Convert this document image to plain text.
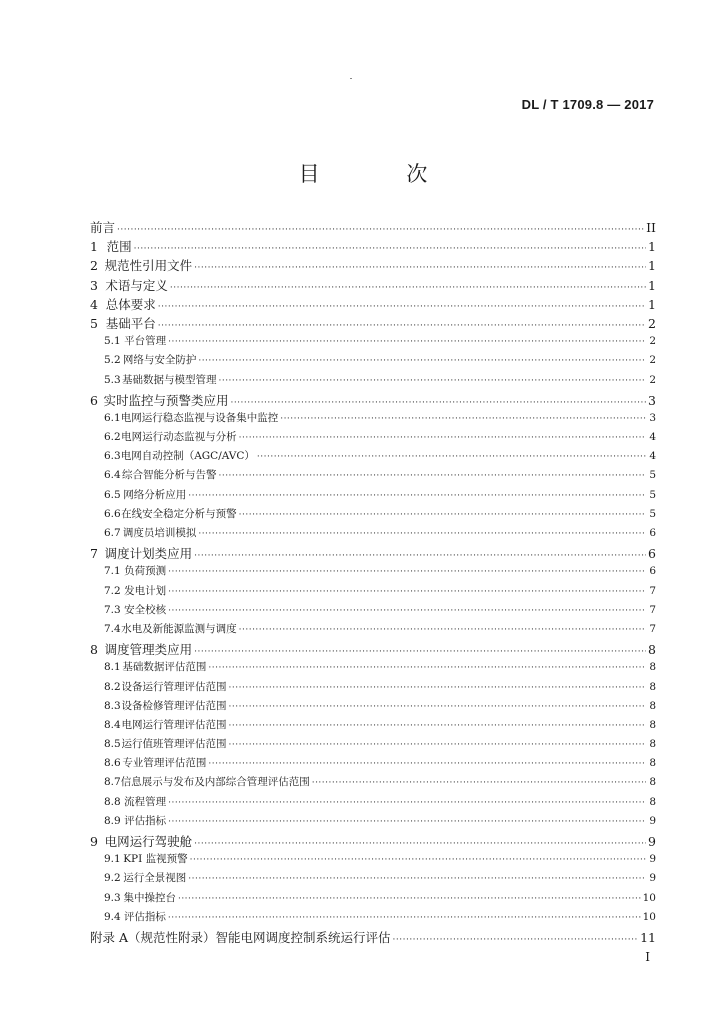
DL / T 1709.8 — 2017
目 次
前言 ·····	II
1 范围 ·····	1
2 规范性引用文件 ·····	1
3 术语与定义 ·····	1
4 总体要求 ·····	1
5 基础平台 ·····	2
5.1 平台管理 ·····	2
5.2 网络与安全防护 ·····	2
5.3 基础数据与模型管理 ·····	2
6 实时监控与预警类应用 ·····	3
6.1 电网运行稳态监视与设备集中监控 ·····	3
6.2 电网运行动态监视与分析 ·····	4
6.3 电网自动控制（AGC/AVC） ·····	4
6.4 综合智能分析与告警 ·····	5
6.5 网络分析应用 ·····	5
6.6 在线安全稳定分析与预警 ·····	5
6.7 调度员培训模拟 ·····	6
7 调度计划类应用 ·····	6
7.1 负荷预测 ·····	6
7.2 发电计划 ·····	7
7.3 安全校核 ·····	7
7.4 水电及新能源监测与调度 ·····	7
8 调度管理类应用 ·····	8
8.1 基础数据评估范围 ·····	8
8.2 设备运行管理评估范围 ·····	8
8.3 设备检修管理评估范围 ·····	8
8.4 电网运行管理评估范围 ·····	8
8.5 运行值班管理评估范围 ·····	8
8.6 专业管理评估范围 ·····	8
8.7 信息展示与发布及内部综合管理评估范围 ·····	8
8.8 流程管理 ·····	8
8.9 评估指标 ·····	9
9 电网运行驾驶舱 ·····	9
9.1 KPI 监视预警 ·····	9
9.2 运行全景视图 ·····	9
9.3 集中操控台 ·····	10
9.4 评估指标 ·····	10
附录 A（规范性附录）智能电网调度控制系统运行评估 ·····	11
I
